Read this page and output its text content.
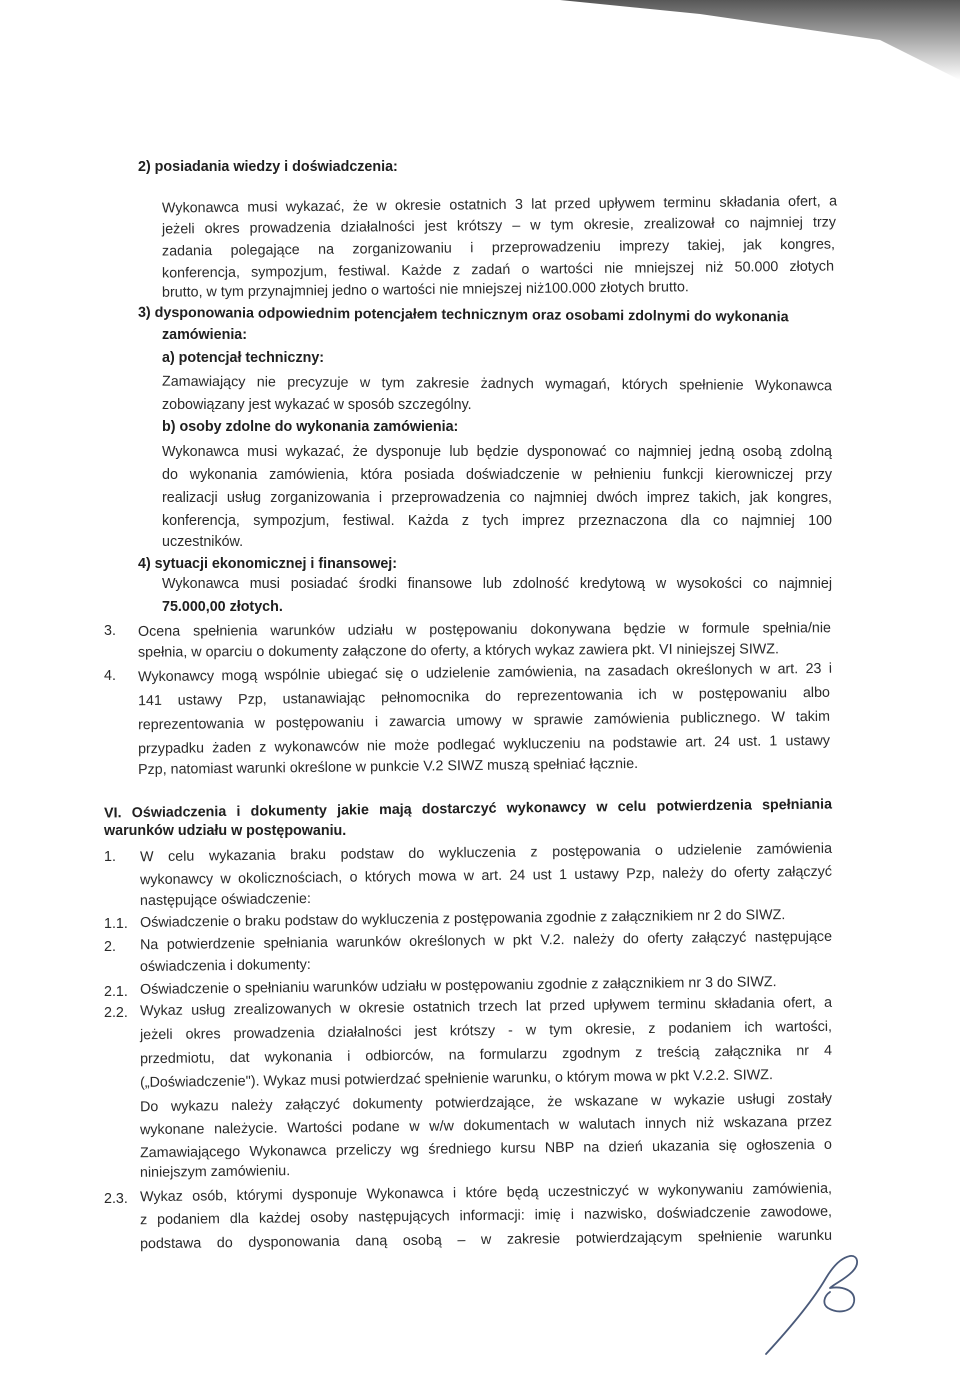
2) posiadania wiedzy i doświadczenia:
Wykonawca musi wykazać, że w okresie ostatnich 3 lat przed upływem terminu składania ofert, a
jeżeli okres prowadzenia działalności jest krótszy – w tym okresie, zrealizował co najmniej trzy
zadania polegające na zorganizowaniu i przeprowadzeniu imprezy takiej, jak kongres,
konferencja, sympozjum, festiwal. Każde z zadań o wartości nie mniejszej niż 50.000 złotych
brutto, w tym przynajmniej jedno o wartości nie mniejszej niż100.000 złotych brutto.
3) dysponowania odpowiednim potencjałem technicznym oraz osobami zdolnymi do wykonania
zamówienia:
a) potencjał techniczny:
Zamawiający nie precyzuje w tym zakresie żadnych wymagań, których spełnienie Wykonawca
zobowiązany jest wykazać w sposób szczególny.
b) osoby zdolne do wykonania zamówienia:
Wykonawca musi wykazać, że dysponuje lub będzie dysponować co najmniej jedną osobą zdolną
do wykonania zamówienia, która posiada doświadczenie w pełnieniu funkcji kierowniczej przy
realizacji usług zorganizowania i przeprowadzenia co najmniej dwóch imprez takich, jak kongres,
konferencja, sympozjum, festiwal. Każda z tych imprez przeznaczona dla co najmniej 100
uczestników.
4) sytuacji ekonomicznej i finansowej:
Wykonawca musi posiadać środki finansowe lub zdolność kredytową w wysokości co najmniej
75.000,00 złotych.
3. Ocena spełnienia warunków udziału w postępowaniu dokonywana będzie w formule spełnia/nie
spełnia, w oparciu o dokumenty załączone do oferty, a których wykaz zawiera pkt. VI niniejszej SIWZ.
4. Wykonawcy mogą wspólnie ubiegać się o udzielenie zamówienia, na zasadach określonych w art. 23 i
141 ustawy Pzp, ustanawiając pełnomocnika do reprezentowania ich w postępowaniu albo
reprezentowania w postępowaniu i zawarcia umowy w sprawie zamówienia publicznego. W takim
przypadku żaden z wykonawców nie może podlegać wykluczeniu na podstawie art. 24 ust. 1 ustawy
Pzp, natomiast warunki określone w punkcie V.2 SIWZ muszą spełniać łącznie.
VI. Oświadczenia i dokumenty jakie mają dostarczyć wykonawcy w celu potwierdzenia spełniania
warunków udziału w postępowaniu.
1. W celu wykazania braku podstaw do wykluczenia z postępowania o udzielenie zamówienia
wykonawcy w okolicznościach, o których mowa w art. 24 ust 1 ustawy Pzp, należy do oferty załączyć
następujące oświadczenie:
1.1. Oświadczenie o braku podstaw do wykluczenia z postępowania zgodnie z załącznikiem nr 2 do SIWZ.
2. Na potwierdzenie spełniania warunków określonych w pkt V.2. należy do oferty załączyć następujące
oświadczenia i dokumenty:
2.1. Oświadczenie o spełnianiu warunków udziału w postępowaniu zgodnie z załącznikiem nr 3 do SIWZ.
2.2. Wykaz usług zrealizowanych w okresie ostatnich trzech lat przed upływem terminu składania ofert, a
jeżeli okres prowadzenia działalności jest krótszy - w tym okresie, z podaniem ich wartości,
przedmiotu, dat wykonania i odbiorców, na formularzu zgodnym z treścią załącznika nr 4
(„Doświadczenie"). Wykaz musi potwierdzać spełnienie warunku, o którym mowa w pkt V.2.2. SIWZ.
Do wykazu należy załączyć dokumenty potwierdzające, że wskazane w wykazie usługi zostały
wykonane należycie. Wartości podane w w/w dokumentach w walutach innych niż wskazana przez
Zamawiającego Wykonawca przeliczy wg średniego kursu NBP na dzień ukazania się ogłoszenia o
niniejszym zamówieniu.
2.3. Wykaz osób, którymi dysponuje Wykonawca i które będą uczestniczyć w wykonywaniu zamówienia,
z podaniem dla każdej osoby następujących informacji: imię i nazwisko, doświadczenie zawodowe,
podstawa do dysponowania daną osobą – w zakresie potwierdzającym spełnienie warunku
